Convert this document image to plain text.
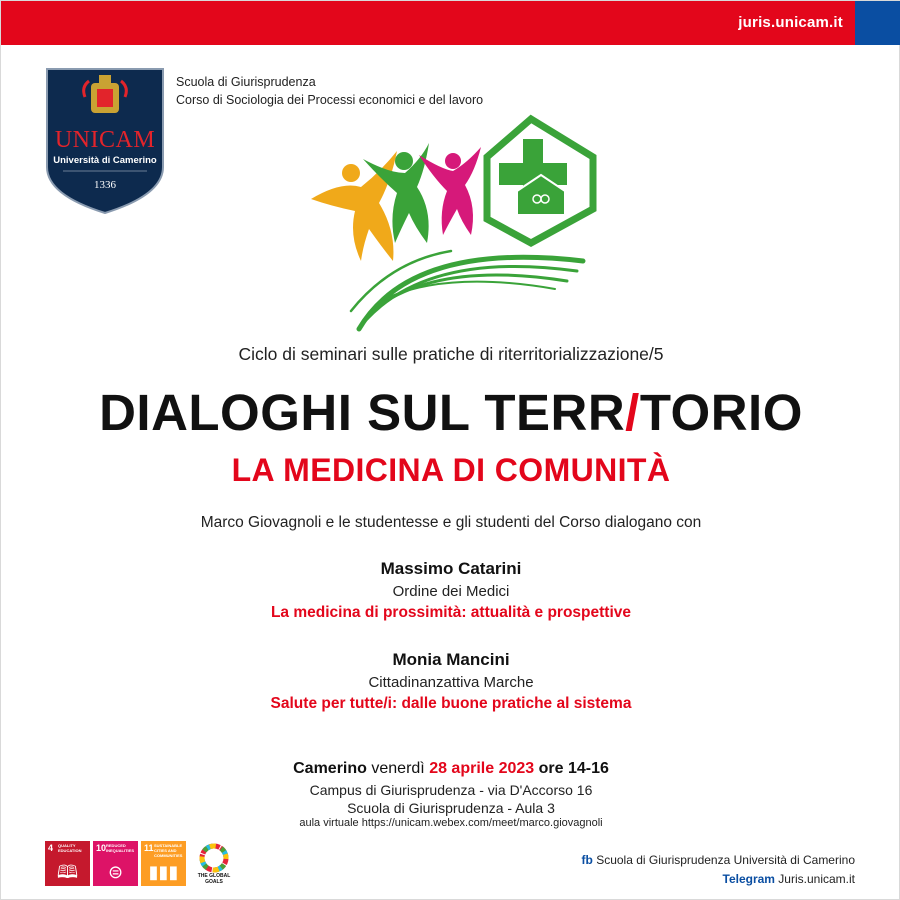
juris.unicam.it
UNICAM
Università di Camerino
1336
Scuola di Giurisprudenza
Corso di Sociologia dei Processi economici e del lavoro
Ciclo di seminari sulle pratiche di riterritorializzazione/5
DIALOGHI SUL TERR/TORIO
LA MEDICINA DI COMUNITÀ
Marco Giovagnoli e le studentesse e gli studenti del Corso dialogano con
Massimo Catarini
Ordine dei Medici
La medicina di prossimità: attualità e prospettive
Monia Mancini
Cittadinanzattiva Marche
Salute per tutte/i: dalle buone pratiche al sistema
Camerino venerdì 28 aprile 2023 ore 14-16
Campus di Giurisprudenza - via D'Accorso 16
Scuola di Giurisprudenza - Aula 3
aula virtuale https://unicam.webex.com/meet/marco.giovagnoli
4 QUALITY EDUCATION
🕮
10 REDUCED INEQUALITIES
⊜
11 SUSTAINABLE CITIES AND COMMUNITIES
▮▮▮	THE GLOBAL GOALS
fb Scuola di Giurisprudenza Università di Camerino
Telegram Juris.unicam.it
